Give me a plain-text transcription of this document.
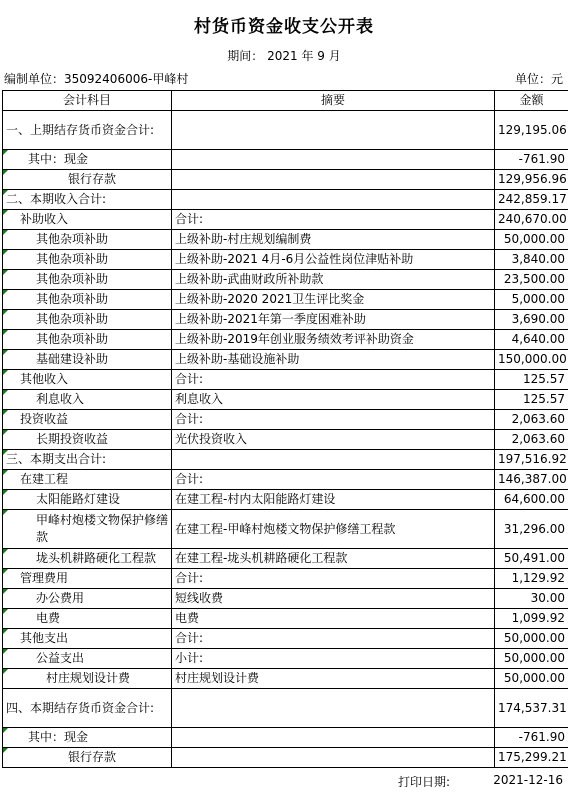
村货币资金收支公开表
期间： 2021 年 9 月
编制单位：35092406006-甲峰村	单位：元
会计科目	摘要	金额
一、上期结存货币资金合计:		129,195.06

其中：现金		-761.90

银行存款		129,956.96

二、本期收入合计:		242,859.17

补助收入	合计:	240,670.00

其他杂项补助	上级补助-村庄规划编制费	50,000.00

其他杂项补助	上级补助-2021 4月-6月公益性岗位津贴补助	3,840.00

其他杂项补助	上级补助-武曲财政所补助款	23,500.00

其他杂项补助	上级补助-2020 2021卫生评比奖金	5,000.00

其他杂项补助	上级补助-2021年第一季度困难补助	3,690.00

其他杂项补助	上级补助-2019年创业服务绩效考评补助资金	4,640.00

基础建设补助	上级补助-基础设施补助	150,000.00

其他收入	合计:	125.57

利息收入	利息收入	125.57

投资收益	合计:	2,063.60

长期投资收益	光伏投资收入	2,063.60

三、本期支出合计:		197,516.92

在建工程	合计:	146,387.00

太阳能路灯建设	在建工程-村内太阳能路灯建设	64,600.00

甲峰村炮楼文物保护修缮款	在建工程-甲峰村炮楼文物保护修缮工程款	31,296.00

垅头机耕路硬化工程款	在建工程-垅头机耕路硬化工程款	50,491.00

管理费用	合计:	1,129.92

办公费用	短线收费	30.00

电费	电费	1,099.92

其他支出	合计:	50,000.00

公益支出	小计:	50,000.00

村庄规划设计费	村庄规划设计费	50,000.00
四、本期结存货币资金合计:		174,537.31

其中：现金		-761.90

银行存款		175,299.21
打印日期:	2021-12-16
